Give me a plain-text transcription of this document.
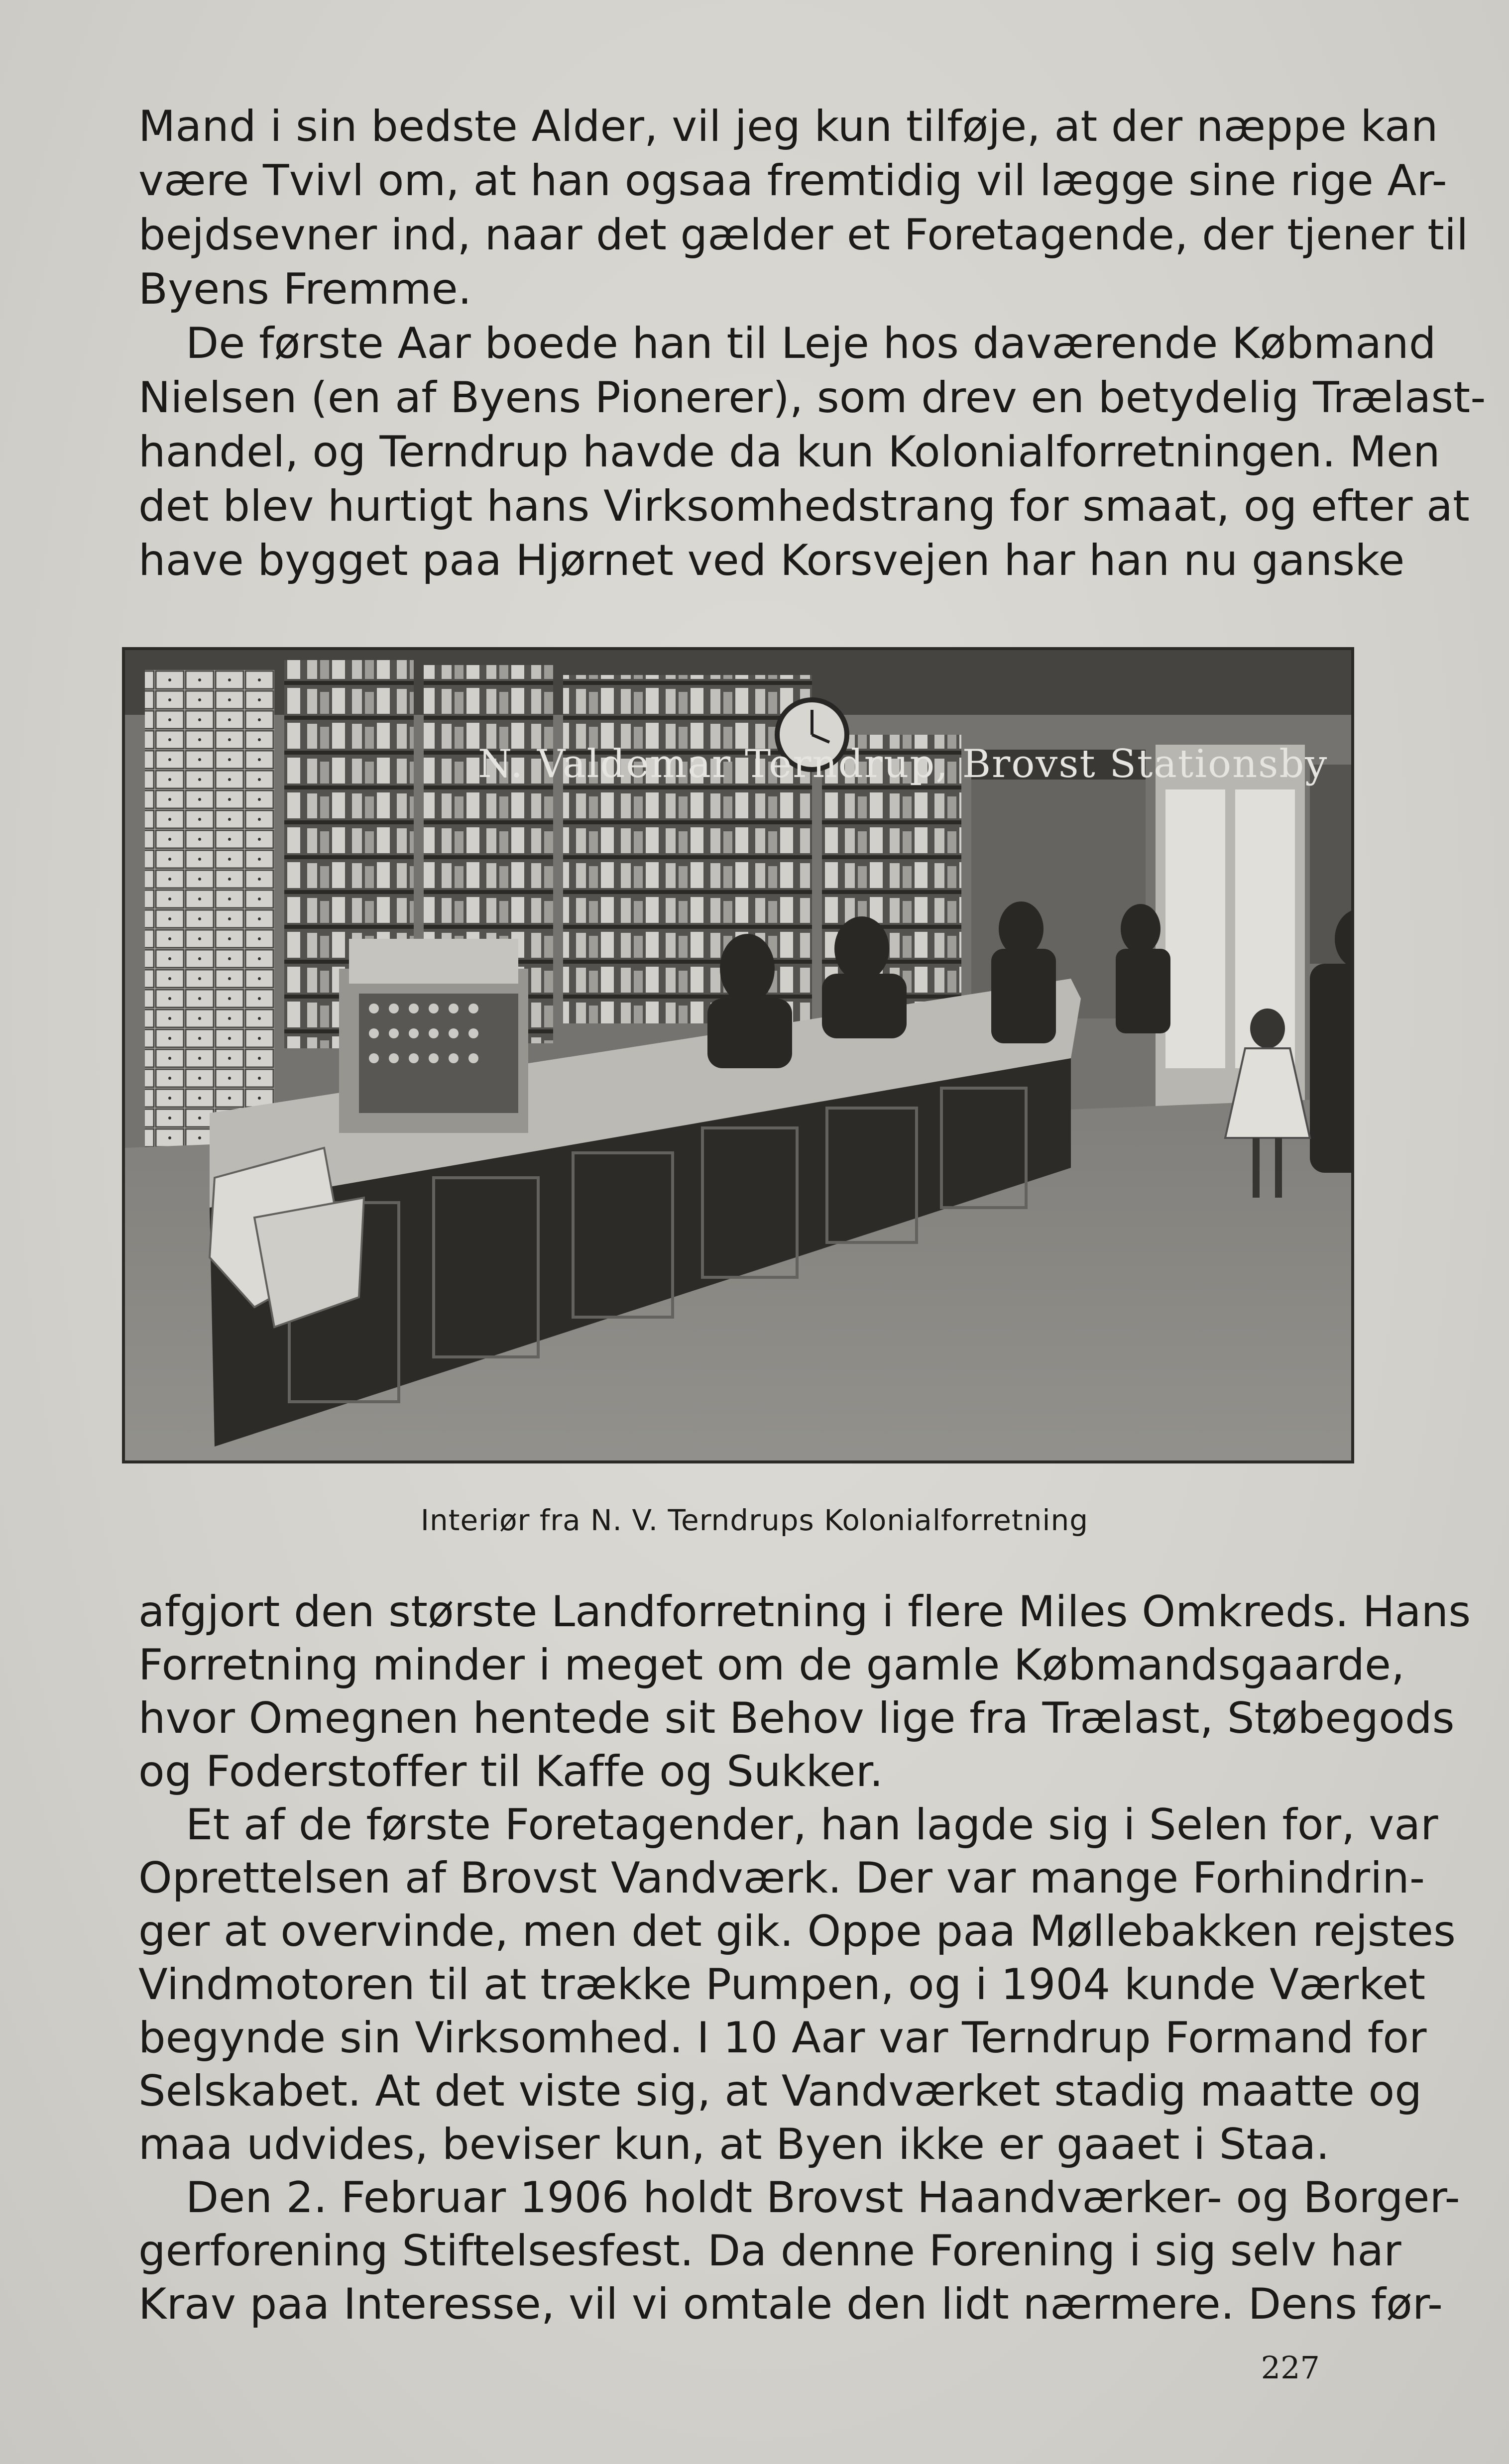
Mand i sin bedste Alder, vil jeg kun tilføje, at der næppe kan
være Tvivl om, at han ogsaa fremtidig vil lægge sine rige Ar-
bejdsevner ind, naar det gælder et Foretagende, der tjener til
Byens Fremme.
De første Aar boede han til Leje hos daværende Købmand
Nielsen (en af Byens Pionerer), som drev en betydelig Trælast-
handel, og Terndrup havde da kun Kolonialforretningen. Men
det blev hurtigt hans Virksomhedstrang for smaat, og efter at
have bygget paa Hjørnet ved Korsvejen har han nu ganske
N. Valdemar Terndrup, Brovst Stationsby
Interiør fra N. V. Terndrups Kolonialforretning
afgjort den største Landforretning i flere Miles Omkreds. Hans
Forretning minder i meget om de gamle Købmandsgaarde,
hvor Omegnen hentede sit Behov lige fra Trælast, Støbegods
og Foderstoffer til Kaffe og Sukker.
Et af de første Foretagender, han lagde sig i Selen for, var
Oprettelsen af Brovst Vandværk. Der var mange Forhindrin-
ger at overvinde, men det gik. Oppe paa Møllebakken rejstes
Vindmotoren til at trække Pumpen, og i 1904 kunde Værket
begynde sin Virksomhed. I 10 Aar var Terndrup Formand for
Selskabet. At det viste sig, at Vandværket stadig maatte og
maa udvides, beviser kun, at Byen ikke er gaaet i Staa.
Den 2. Februar 1906 holdt Brovst Haandværker- og Borger-
gerforening Stiftelsesfest. Da denne Forening i sig selv har
Krav paa Interesse, vil vi omtale den lidt nærmere. Dens før-
227
